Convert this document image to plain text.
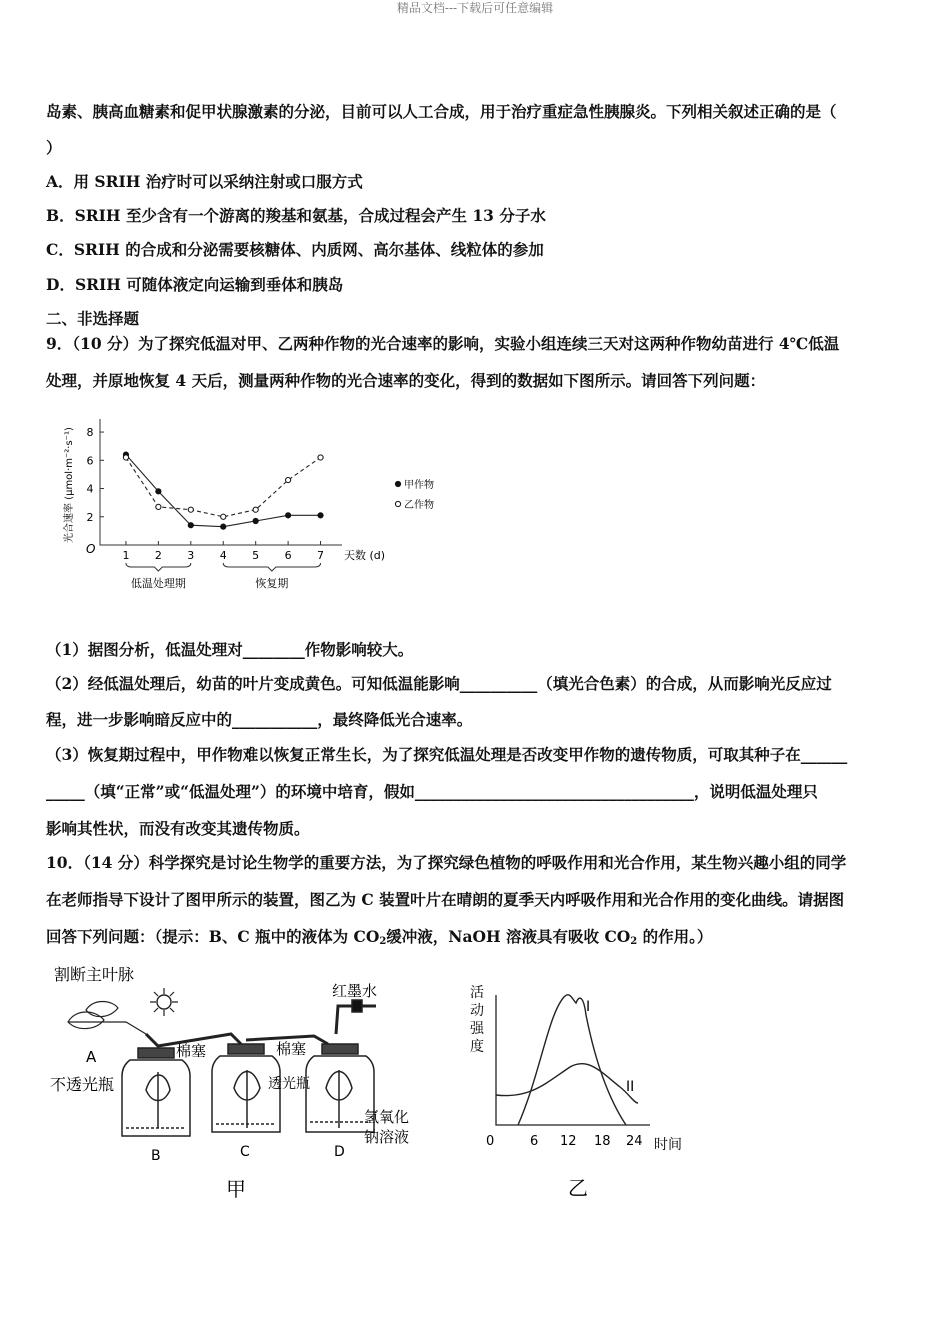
精品文档---下载后可任意编辑
岛素、胰高血糖素和促甲状腺激素的分泌，目前可以人工合成，用于治疗重症急性胰腺炎。下列相关叙述正确的是（
）
A．用 SRIH 治疗时可以采纳注射或口服方式
B．SRIH 至少含有一个游离的羧基和氨基，合成过程会产生 13 分子水
C．SRIH 的合成和分泌需要核糖体、内质网、高尔基体、线粒体的参加
D．SRIH 可随体液定向运输到垂体和胰岛
二、非选择题
9．（10 分）为了探究低温对甲、乙两种作物的光合速率的影响，实验小组连续三天对这两种作物幼苗进行 4℃低温
处理，并原地恢复 4 天后，测量两种作物的光合速率的变化，得到的数据如下图所示。请回答下列问题：
2
4
6
8
1 2 3 4 5 6 7
O	天数 (d)
光合速率 (μmol·m⁻²·s⁻¹)
低温处理期	恢复期
甲作物
乙作物
（1）据图分析，低温处理对________作物影响较大。
（2）经低温处理后，幼苗的叶片变成黄色。可知低温能影响__________（填光合色素）的合成，从而影响光反应过
程，进一步影响暗反应中的___________，最终降低光合速率。
（3）恢复期过程中，甲作物难以恢复正常生长，为了探究低温处理是否改变甲作物的遗传物质，可取其种子在______
_____（填“正常”或“低温处理”）的环境中培育，假如____________________________________，说明低温处理只
影响其性状，而没有改变其遗传物质。
10．（14 分）科学探究是讨论生物学的重要方法，为了探究绿色植物的呼吸作用和光合作用，某生物兴趣小组的同学
在老师指导下设计了图甲所示的装置，图乙为 C 装置叶片在晴朗的夏季天内呼吸作用和光合作用的变化曲线。请据图
回答下列问题：（提示：B、C 瓶中的液体为 $CO_2$缓冲液，NaOH 溶液具有吸收 $CO_2$ 的作用。）
割断主叶脉
A
不透光瓶
B
棉塞
C
棉塞
透光瓶
D
红墨水
氢氧化
钠溶液
甲
活
动
强
度
I
II
0	6 12 18 24 时间
乙
